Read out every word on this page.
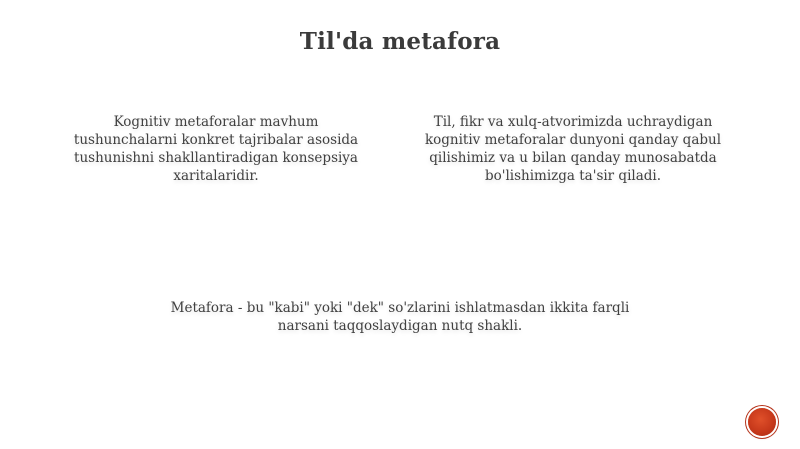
Til'da metafora
Kognitiv metaforalar mavhum
tushunchalarni konkret tajribalar asosida
tushunishni shakllantiradigan konsepsiya
xaritalaridir.
Til, fikr va xulq-atvorimizda uchraydigan
kognitiv metaforalar dunyoni qanday qabul
qilishimiz va u bilan qanday munosabatda
bo'lishimizga ta'sir qiladi.
Metafora - bu "kabi" yoki "dek" so'zlarini ishlatmasdan ikkita farqli
narsani taqqoslaydigan nutq shakli.
